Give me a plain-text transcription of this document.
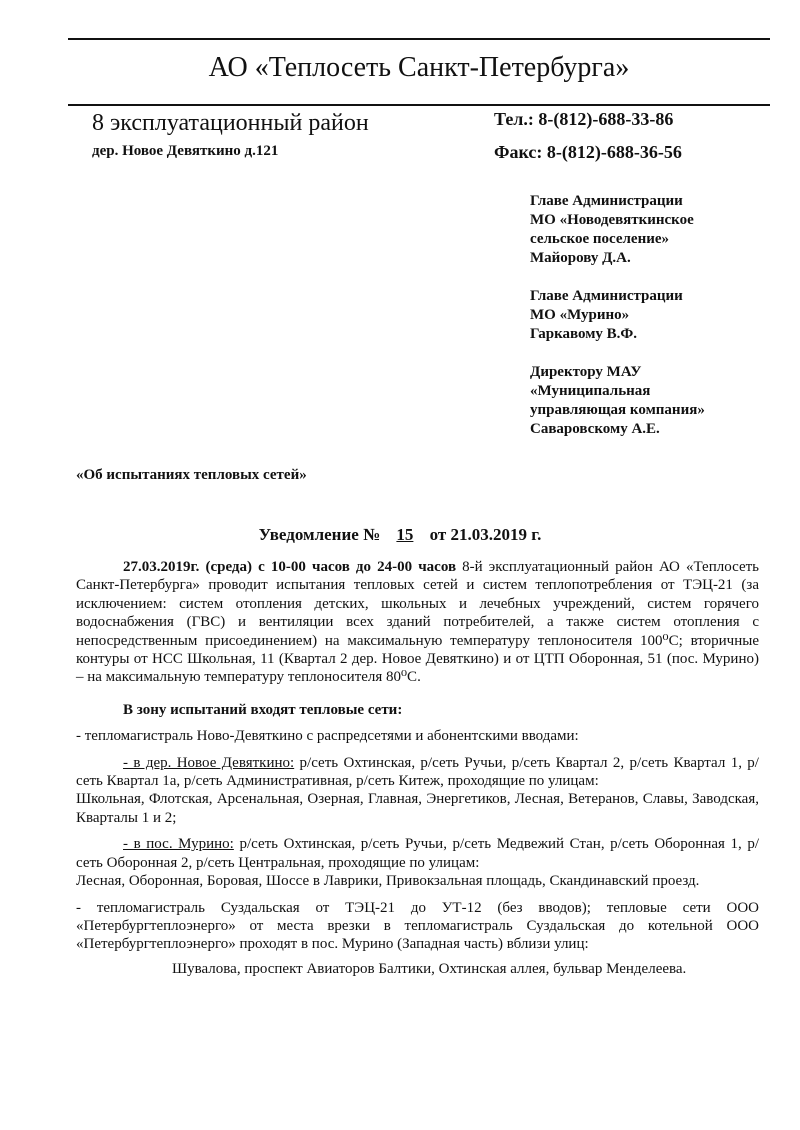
АО «Теплосеть Санкт-Петербурга»
8 эксплуатационный район
дер. Новое Девяткино д.121
Тел.: 8-(812)-688-33-86
Факс: 8-(812)-688-36-56
Главе Администрации
МО «Новодевяткинское
сельское поселение»
Майорову Д.А.
Главе Администрации
МО «Мурино»
Гаркавому В.Ф.
Директору МАУ
«Муниципальная
управляющая компания»
Саваровскому А.Е.
«Об испытаниях тепловых сетей»
Уведомление № 15 от 21.03.2019 г.

27.03.2019г. (среда) с 10-00 часов до 24-00 часов 8-й эксплуатационный район АО «Теплосеть Санкт-Петербурга» проводит испытания тепловых сетей и систем теплопотребления от ТЭЦ-21 (за исключением: систем отопления детских, школьных и лечебных учреждений, систем горячего водоснабжения (ГВС) и вентиляции всех зданий потребителей, а также систем отопления с непосредственным присоединением) на максимальную температуру теплоносителя 100⁰С; вторичные контуры от НСС Школьная, 11 (Квартал 2 дер. Новое Девяткино) и от ЦТП Оборонная, 51 (пос. Мурино) – на максимальную температуру теплоносителя 80⁰С.

В зону испытаний входят тепловые сети:

- тепломагистраль Ново-Девяткино с распредсетями и абонентскими вводами:

- в дер. Новое Девяткино: р/сеть Охтинская, р/сеть Ручьи, р/сеть Квартал 2, р/сеть Квартал 1, р/сеть Квартал 1а, р/сеть Административная, р/сеть Китеж, проходящие по улицам:

Школьная, Флотская, Арсенальная, Озерная, Главная, Энергетиков, Лесная, Ветеранов, Славы, Заводская, Кварталы 1 и 2;

- в пос. Мурино: р/сеть Охтинская, р/сеть Ручьи, р/сеть Медвежий Стан, р/сеть Оборонная 1, р/сеть Оборонная 2, р/сеть Центральная, проходящие по улицам:

Лесная, Оборонная, Боровая, Шоссе в Лаврики, Привокзальная площадь, Скандинавский проезд.

- тепломагистраль Суздальская от ТЭЦ-21 до УТ-12 (без вводов); тепловые сети ООО «Петербургтеплоэнерго» от места врезки в тепломагистраль Суздальская до котельной ООО «Петербургтеплоэнерго» проходят в пос. Мурино (Западная часть) вблизи улиц:

Шувалова, проспект Авиаторов Балтики, Охтинская аллея, бульвар Менделеева.
